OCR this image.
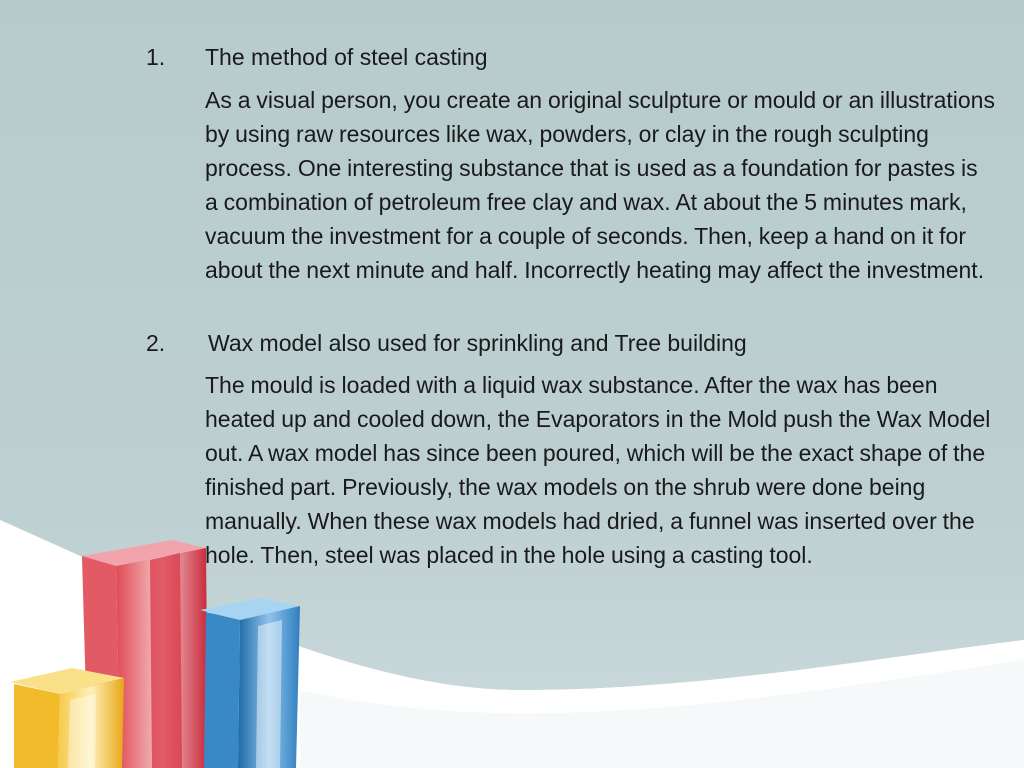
1. The method of steel casting
As a visual person, you create an original sculpture or mould or an illustrations by using raw resources like wax, powders, or clay in the rough sculpting process. One interesting substance that is used as a foundation for pastes is a combination of petroleum free clay and wax. At about the 5 minutes mark, vacuum the investment for a couple of seconds. Then, keep a hand on it for about the next minute and half. Incorrectly heating may affect the investment.
2. Wax model also used for sprinkling and Tree building
The mould is loaded with a liquid wax substance. After the wax has been heated up and cooled down, the Evaporators in the Mold push the Wax Model out. A wax model has since been poured, which will be the exact shape of the finished part. Previously, the wax models on the shrub were done being manually. When these wax models had dried, a funnel was inserted over the hole. Then, steel was placed in the hole using a casting tool.
